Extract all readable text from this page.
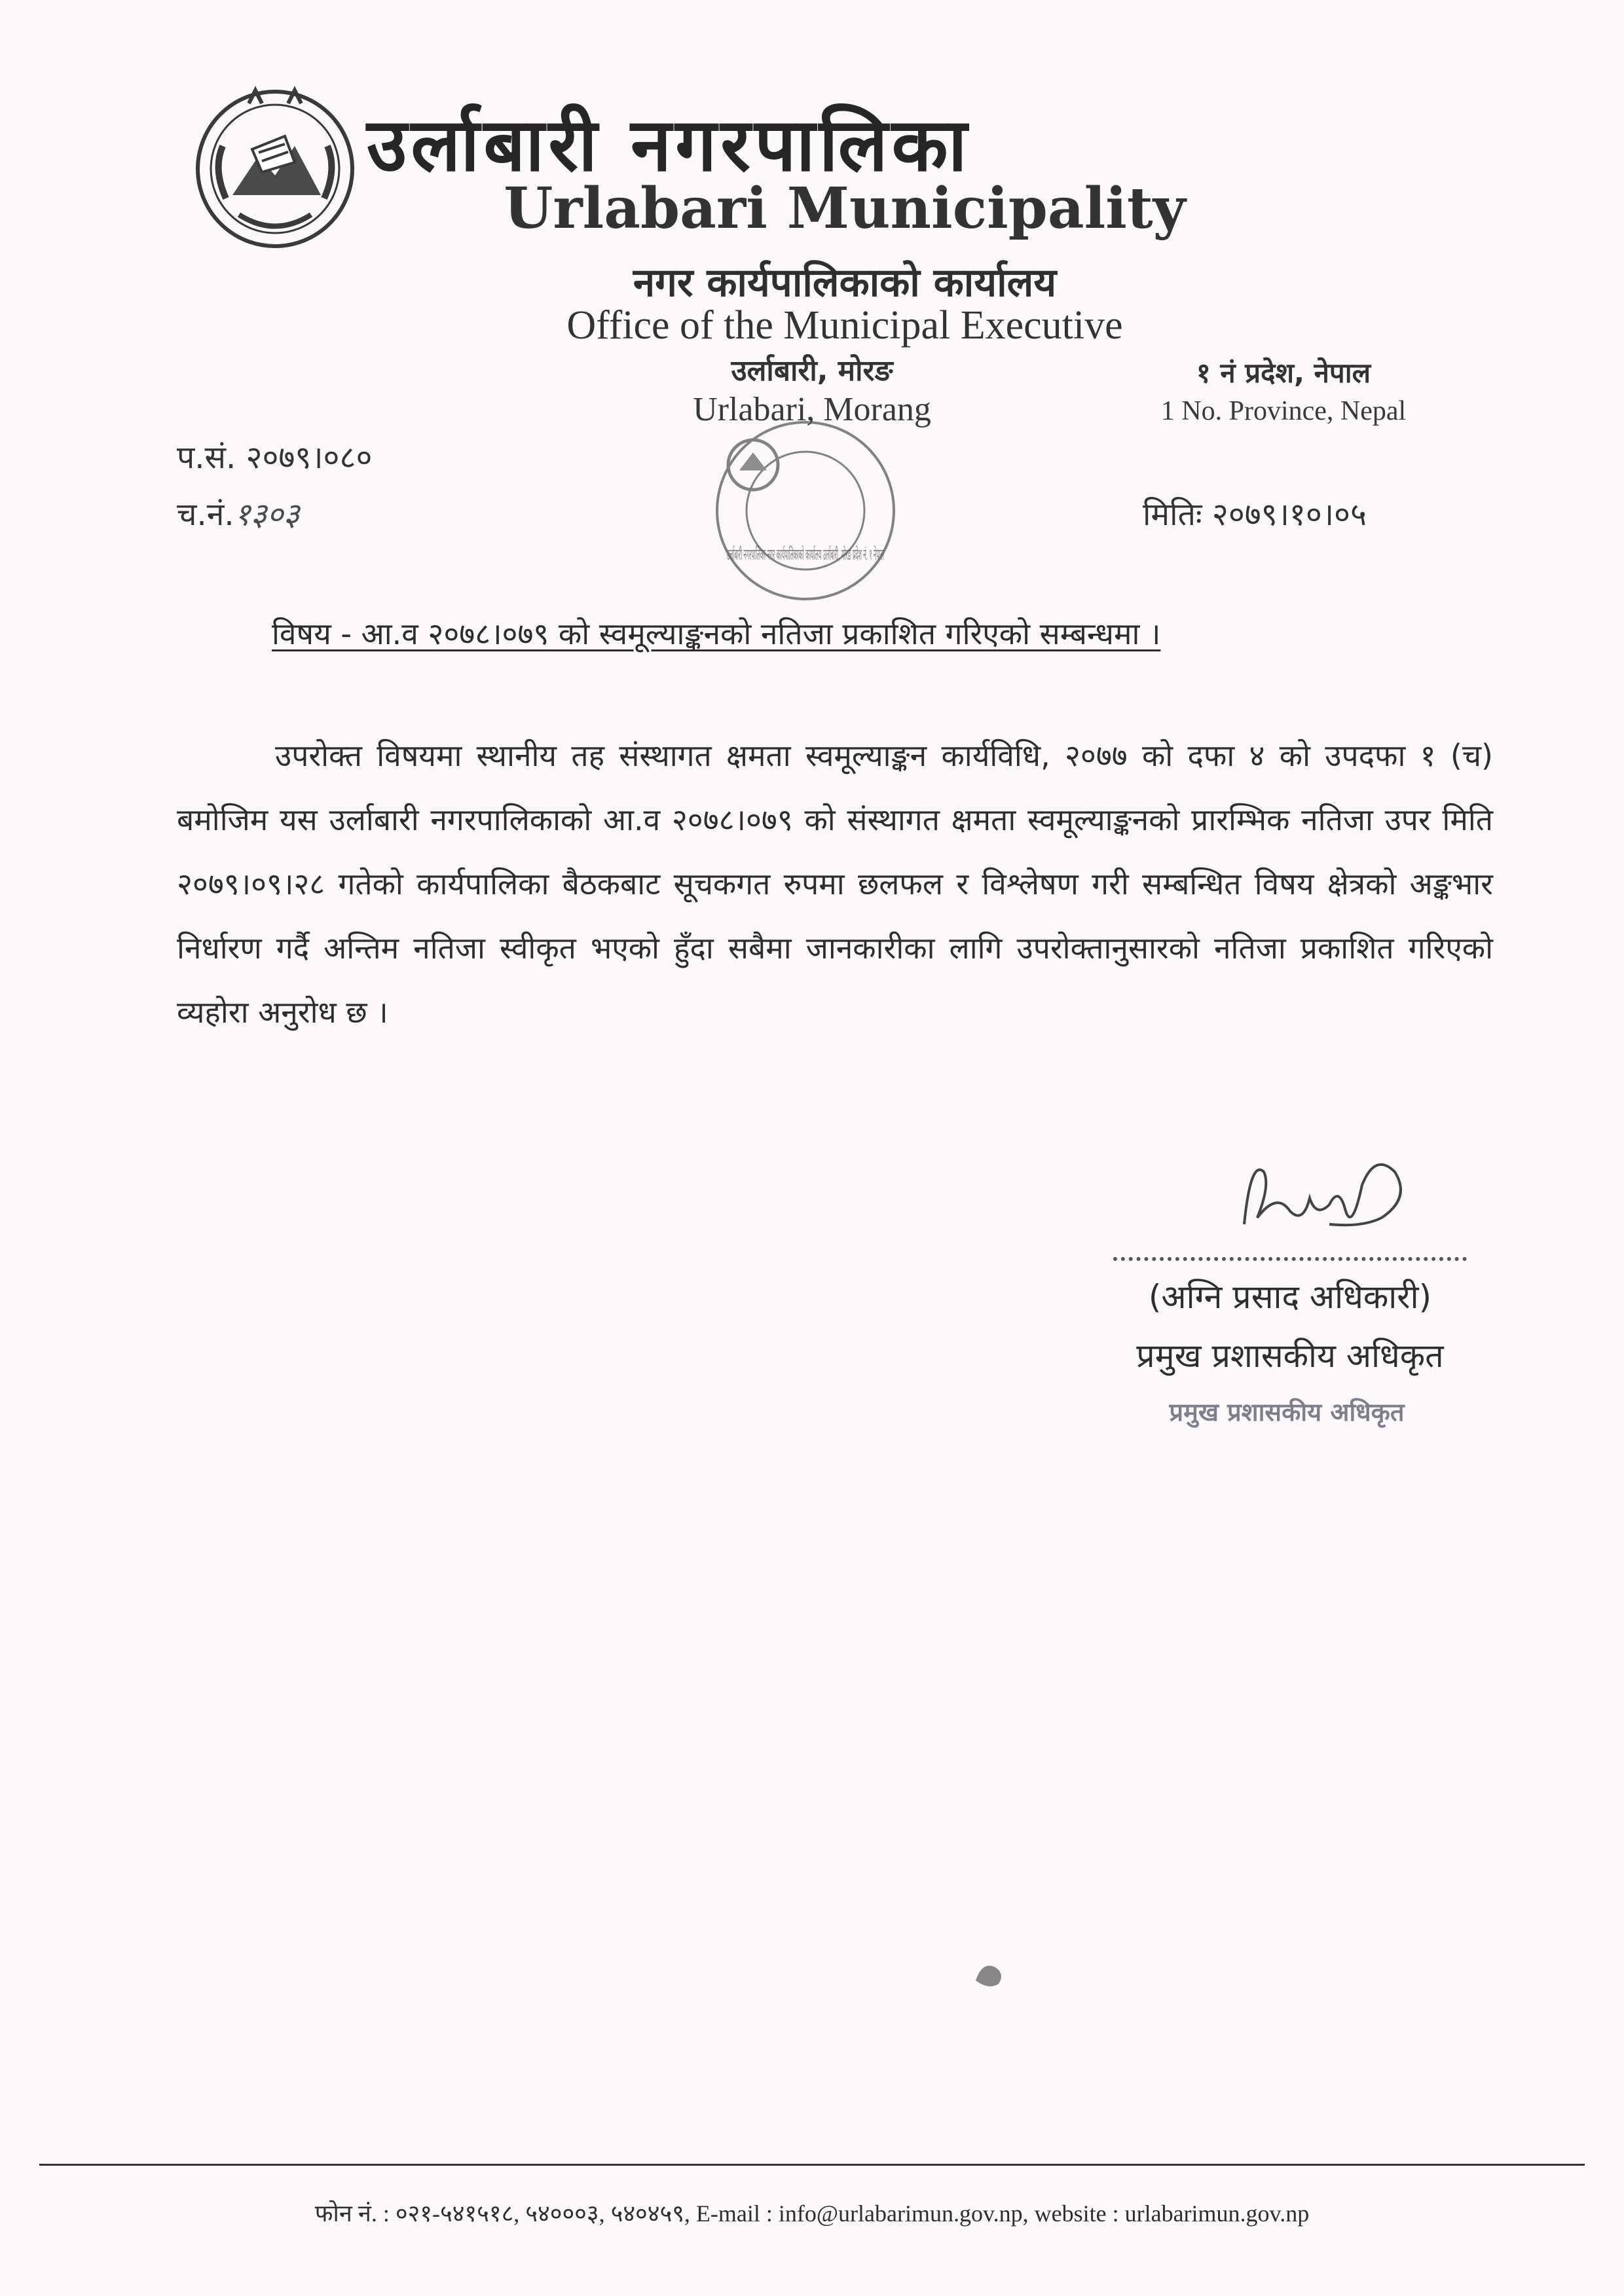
उर्लाबारी नगरपालिका
Urlabari Municipality
नगर कार्यपालिकाको कार्यालय
Office of the Municipal Executive
उर्लाबारी, मोरङ
Urlabari, Morang
१ नं प्रदेश, नेपाल
1 No. Province, Nepal
प.सं. २०७९।०८०
च.नं.१३०३	मितिः २०७९।१०।०५
उर्लाबारी नगरपालिका नगर कार्यपालिकाको कार्यालय उर्लाबारी, मोरङ प्रदेश नं. १ नेपाल
विषय - आ.व २०७८।०७९ को स्वमूल्याङ्कनको नतिजा प्रकाशित गरिएको सम्बन्धमा ।
उपरोक्त विषयमा स्थानीय तह संस्थागत क्षमता स्वमूल्याङ्कन कार्यविधि, २०७७ को दफा ४ को उपदफा १ (च) बमोजिम यस उर्लाबारी नगरपालिकाको आ.व २०७८।०७९ को संस्थागत क्षमता स्वमूल्याङ्कनको प्रारम्भिक नतिजा उपर मिति २०७९।०९।२८ गतेको कार्यपालिका बैठकबाट सूचकगत रुपमा छलफल र विश्लेषण गरी सम्बन्धित विषय क्षेत्रको अङ्कभार निर्धारण गर्दै अन्तिम नतिजा स्वीकृत भएको हुँदा सबैमा जानकारीका लागि उपरोक्तानुसारको नतिजा प्रकाशित गरिएको व्यहोरा अनुरोध छ ।
(अग्नि प्रसाद अधिकारी)
प्रमुख प्रशासकीय अधिकृत
प्रमुख प्रशासकीय अधिकृत
फोन नं. : ०२१-५४१५१८, ५४०००३, ५४०४५९, E-mail : info@urlabarimun.gov.np, website : urlabarimun.gov.np
